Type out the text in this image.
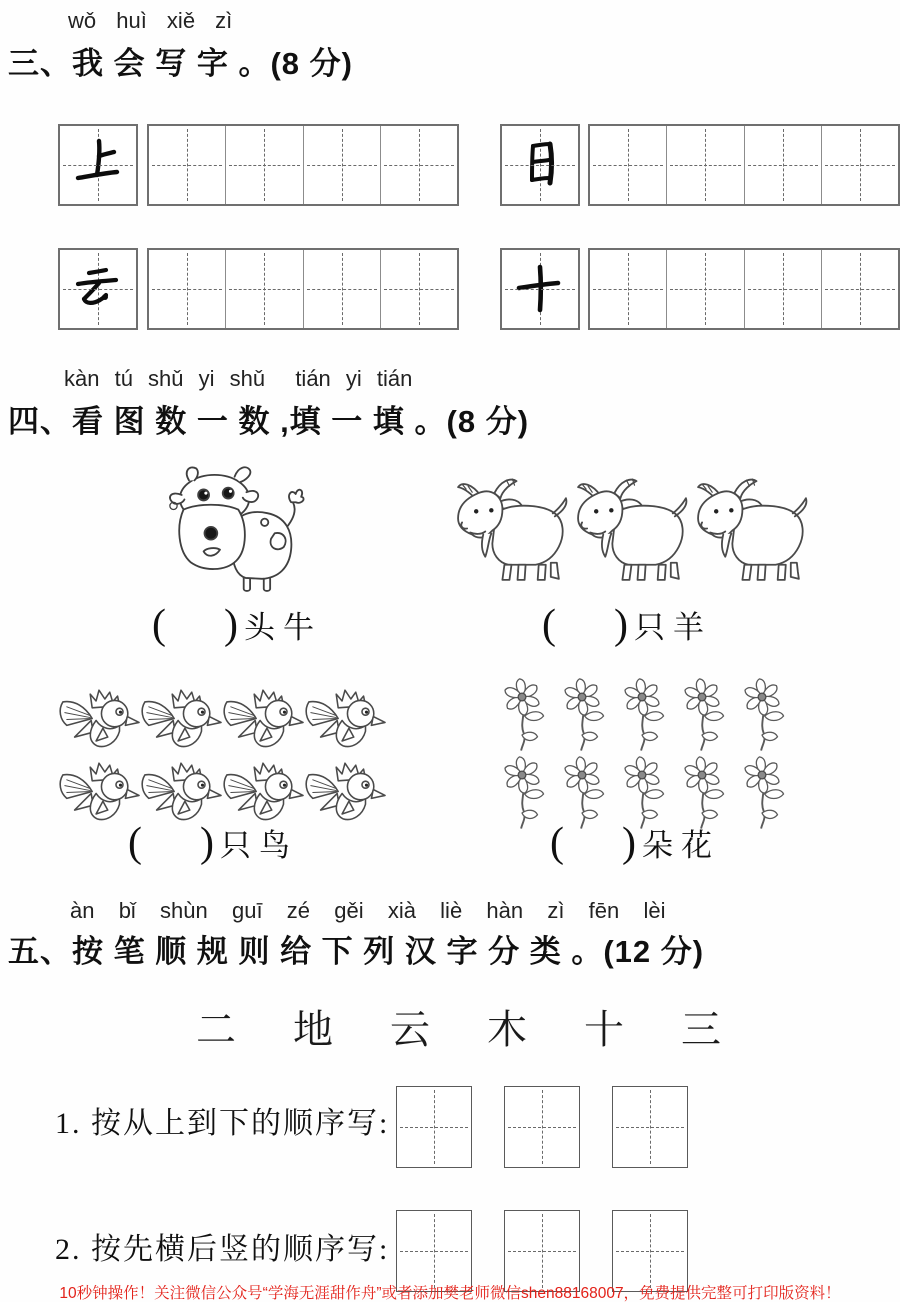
wǒ huì xiě zì
三、我 会 写 字 。(8 分)
kàn tú shǔ yi shǔ  tián yi tián
四、看 图 数 一 数 ,填 一 填 。(8 分)
( ) 头牛	( ) 只羊
( ) 只鸟	( ) 朵花
àn  bǐ  shùn  guī  zé  gěi  xià  liè  hàn  zì  fēn  lèi
五、按 笔 顺 规 则 给 下 列 汉 字 分 类 。(12 分)
二 地 云 木 十 三
1. 按从上到下的顺序写:
2. 按先横后竖的顺序写:
10秒钟操作！关注微信公众号“学海无涯甜作舟”或者添加樊老师微信shen88168007，免费提供完整可打印版资料！
